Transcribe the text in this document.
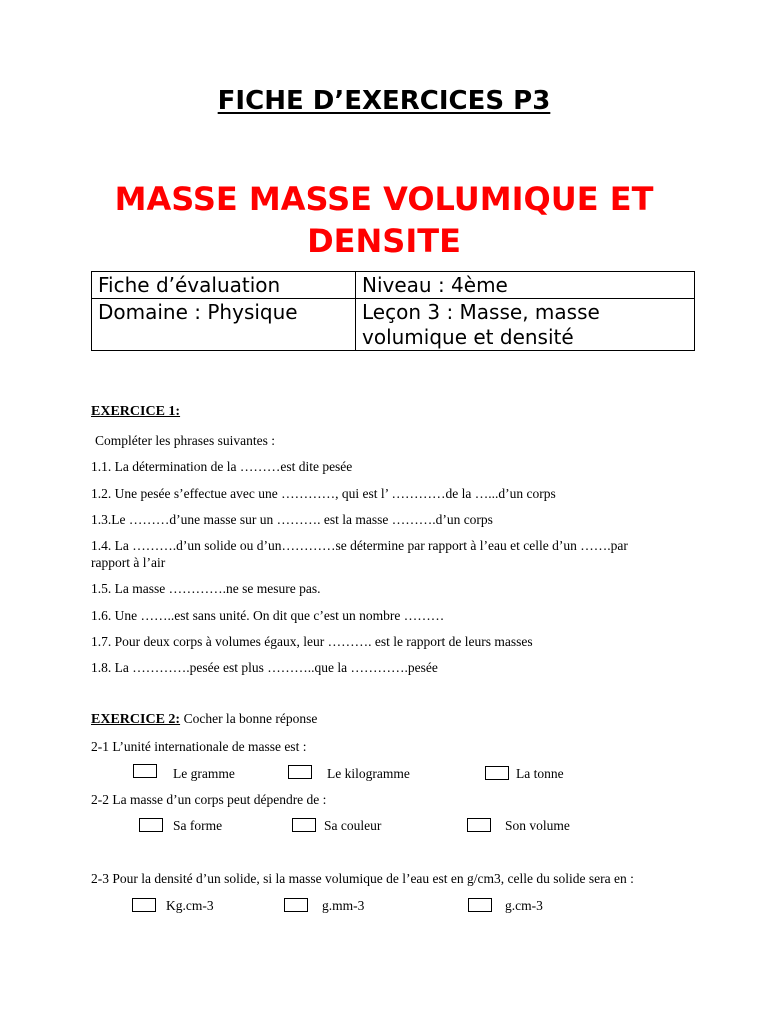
FICHE D’EXERCICES P3
MASSE MASSE VOLUMIQUE ET DENSITE
Fiche d’évaluation	Niveau : 4ème
Domaine : Physique	Leçon 3 : Masse, masse volumique et densité
EXERCICE 1:
Compléter les phrases suivantes :
1.1. La détermination de la ………est dite pesée
1.2. Une pesée s’effectue avec une …………, qui est l’ …………de la …...d’un corps
1.3.Le ………d’une masse sur un ………. est la masse ……….d’un corps
1.4. La ……….d’un solide ou d’un…………se détermine par rapport à l’eau et celle d’un …….par rapport à l’air
1.5. La masse ………….ne se mesure pas.
1.6. Une ……..est sans unité. On dit que c’est un nombre ………
1.7. Pour deux corps à volumes égaux, leur ………. est le rapport de leurs masses
1.8. La ………….pesée est plus ………..que la ………….pesée
EXERCICE 2: Cocher la bonne réponse
2-1 L’unité internationale de masse est :
Le gramme	Le kilogramme	La tonne
2-2 La masse d’un corps peut dépendre de :
Sa forme	Sa couleur	Son volume
2-3 Pour la densité d’un solide, si la masse volumique de l’eau est en g/cm3, celle du solide sera en :
Kg.cm-3	g.mm-3	g.cm-3
